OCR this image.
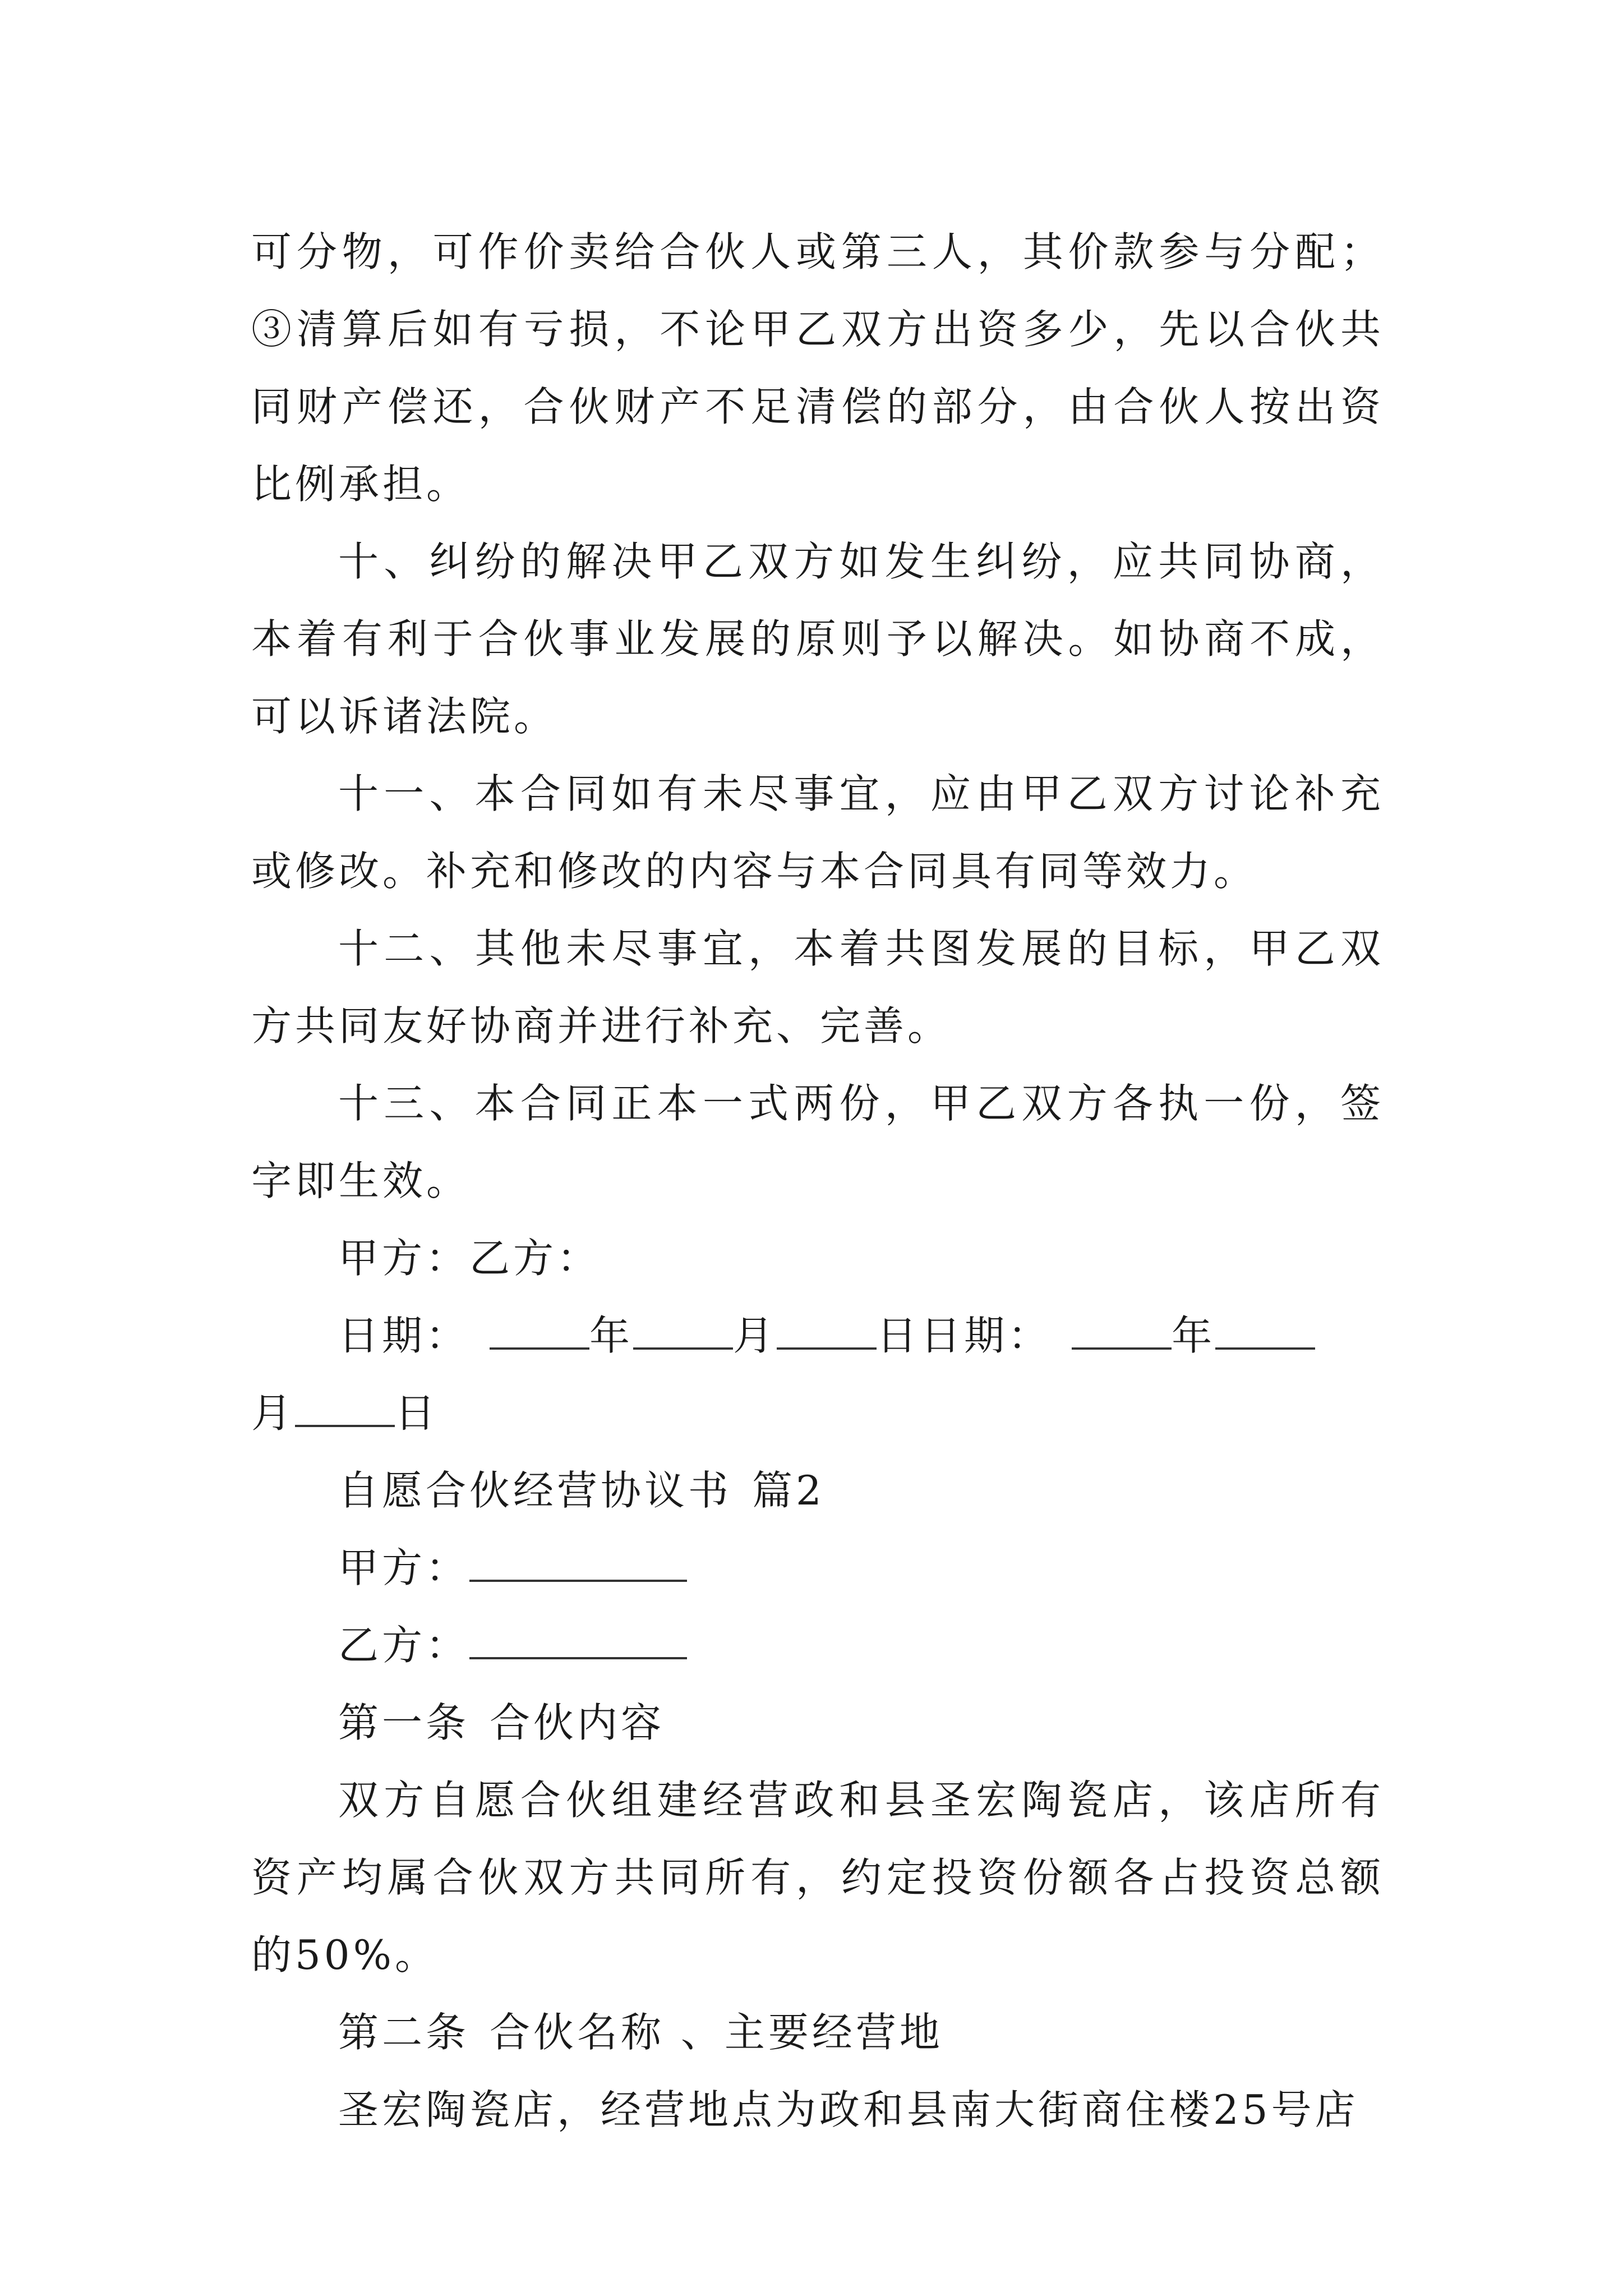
可分物，可作价卖给合伙人或第三人，其价款参与分配；③清算后如有亏损，不论甲乙双方出资多少，先以合伙共同财产偿还，合伙财产不足清偿的部分，由合伙人按出资比例承担。

十、纠纷的解决甲乙双方如发生纠纷，应共同协商，本着有利于合伙事业发展的原则予以解决。如协商不成，可以诉诸法院。

十一、本合同如有未尽事宜，应由甲乙双方讨论补充或修改。补充和修改的内容与本合同具有同等效力。

十二、其他未尽事宜，本着共图发展的目标，甲乙双方共同友好协商并进行补充、完善。

十三、本合同正本一式两份，甲乙双方各执一份，签字即生效。

甲方：乙方：

日期：	年 月 日日期：	年
月 日

自愿合伙经营协议书 篇2

甲方：

乙方：

第一条 合伙内容

双方自愿合伙组建经营政和县圣宏陶瓷店，该店所有资产均属合伙双方共同所有，约定投资份额各占投资总额的50%。

第二条 合伙名称 、主要经营地

圣宏陶瓷店，经营地点为政和县南大街商住楼25号店
